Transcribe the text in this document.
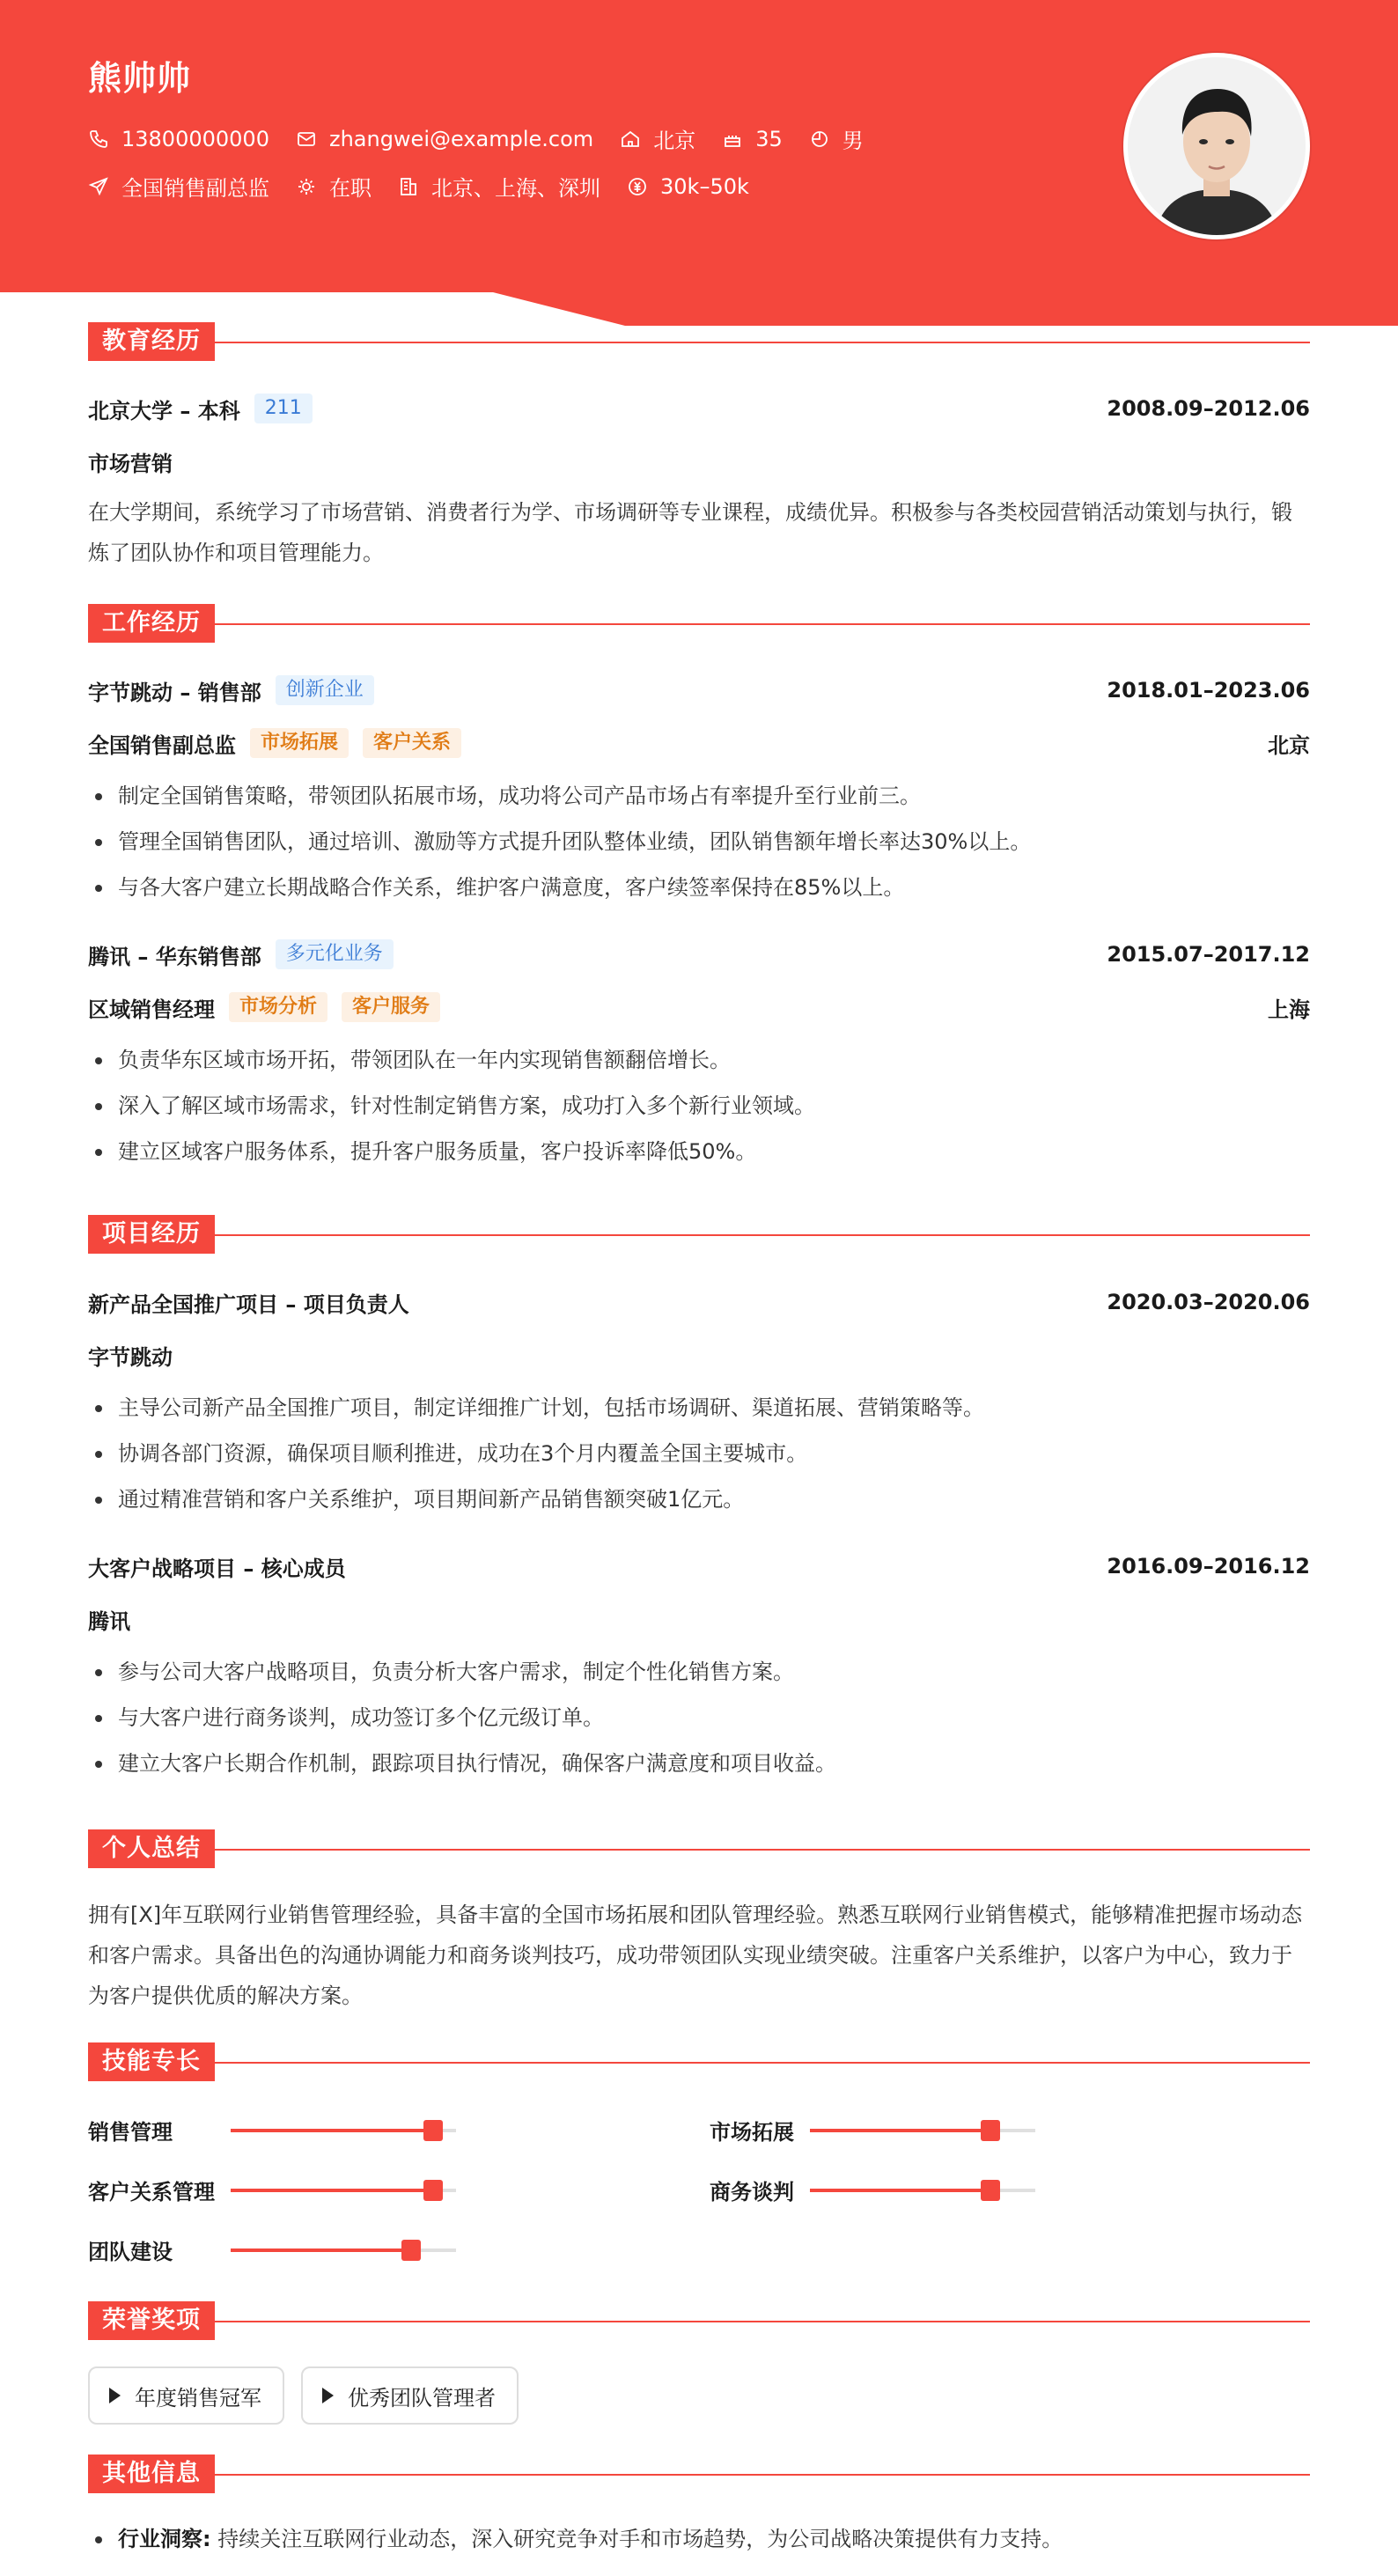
熊帅帅
13800000000	zhangwei@example.com	北京	35	男
全国销售副总监	在职	北京、上海、深圳	30k–50k
教育经历
北京大学 – 本科	211	2008.09–2012.06
市场营销
在大学期间，系统学习了市场营销、消费者行为学、市场调研等专业课程，成绩优异。积极参与各类校园营销活动策划与执行，锻炼了团队协作和项目管理能力。
工作经历
字节跳动 – 销售部	创新企业	2018.01–2023.06
全国销售副总监	市场拓展	客户关系	北京
制定全国销售策略，带领团队拓展市场，成功将公司产品市场占有率提升至行业前三。
管理全国销售团队，通过培训、激励等方式提升团队整体业绩，团队销售额年增长率达30%以上。
与各大客户建立长期战略合作关系，维护客户满意度，客户续签率保持在85%以上。
腾讯 – 华东销售部	多元化业务	2015.07–2017.12
区域销售经理	市场分析	客户服务	上海
负责华东区域市场开拓，带领团队在一年内实现销售额翻倍增长。
深入了解区域市场需求，针对性制定销售方案，成功打入多个新行业领域。
建立区域客户服务体系，提升客户服务质量，客户投诉率降低50%。
项目经历
新产品全国推广项目 – 项目负责人	2020.03–2020.06
字节跳动
主导公司新产品全国推广项目，制定详细推广计划，包括市场调研、渠道拓展、营销策略等。
协调各部门资源，确保项目顺利推进，成功在3个月内覆盖全国主要城市。
通过精准营销和客户关系维护，项目期间新产品销售额突破1亿元。
大客户战略项目 – 核心成员	2016.09–2016.12
腾讯
参与公司大客户战略项目，负责分析大客户需求，制定个性化销售方案。
与大客户进行商务谈判，成功签订多个亿元级订单。
建立大客户长期合作机制，跟踪项目执行情况，确保客户满意度和项目收益。
个人总结
拥有[X]年互联网行业销售管理经验，具备丰富的全国市场拓展和团队管理经验。熟悉互联网行业销售模式，能够精准把握市场动态和客户需求。具备出色的沟通协调能力和商务谈判技巧，成功带领团队实现业绩突破。注重客户关系维护，以客户为中心，致力于为客户提供优质的解决方案。
技能专长
销售管理	市场拓展
客户关系管理	商务谈判
团队建设
荣誉奖项
年度销售冠军	优秀团队管理者
其他信息
行业洞察: 持续关注互联网行业动态，深入研究竞争对手和市场趋势，为公司战略决策提供有力支持。
